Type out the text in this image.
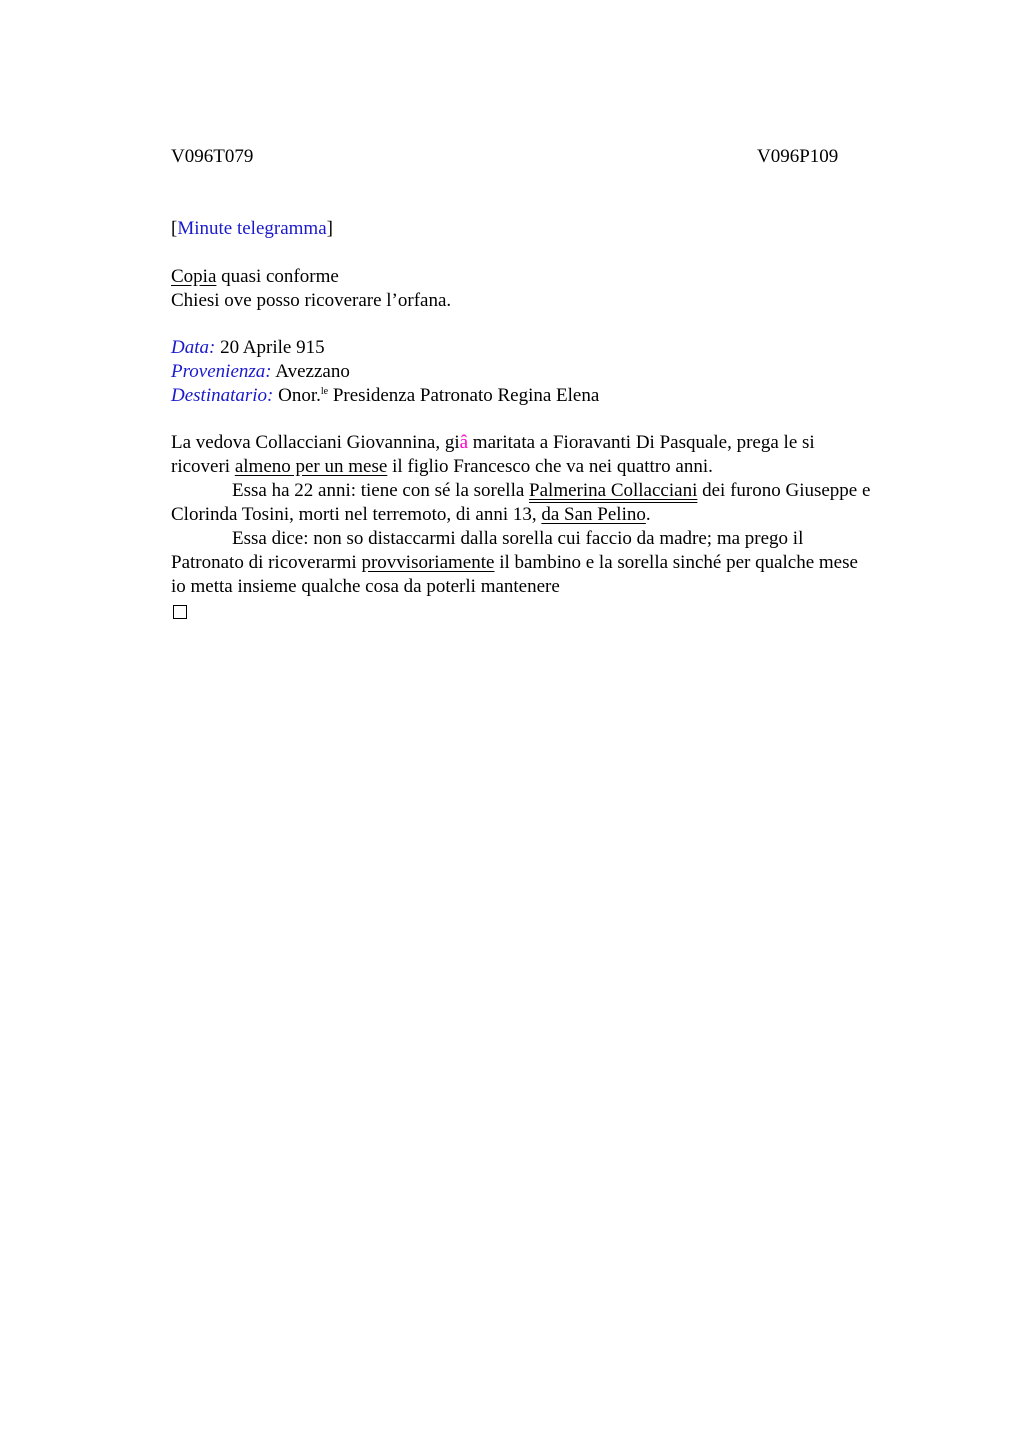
V096T079	V096P109
[Minute telegramma]
Copia quasi conforme
Chiesi ove posso ricoverare l’orfana.
Data: 20 Aprile 915
Provenienza: Avezzano
Destinatario: Onor.$^{le}$ Presidenza Patronato Regina Elena
La vedova Collacciani Giovannina, giâ maritata a Fioravanti Di Pasquale, prega le si
ricoveri almeno per un mese il figlio Francesco che va nei quattro anni.
Essa ha 22 anni: tiene con sé la sorella Palmerina Collacciani dei furono Giuseppe e
Clorinda Tosini, morti nel terremoto, di anni 13, da San Pelino.
Essa dice: non so distaccarmi dalla sorella cui faccio da madre; ma prego il
Patronato di ricoverarmi provvisoriamente il bambino e la sorella sinché per qualche mese
io metta insieme qualche cosa da poterli mantenere
